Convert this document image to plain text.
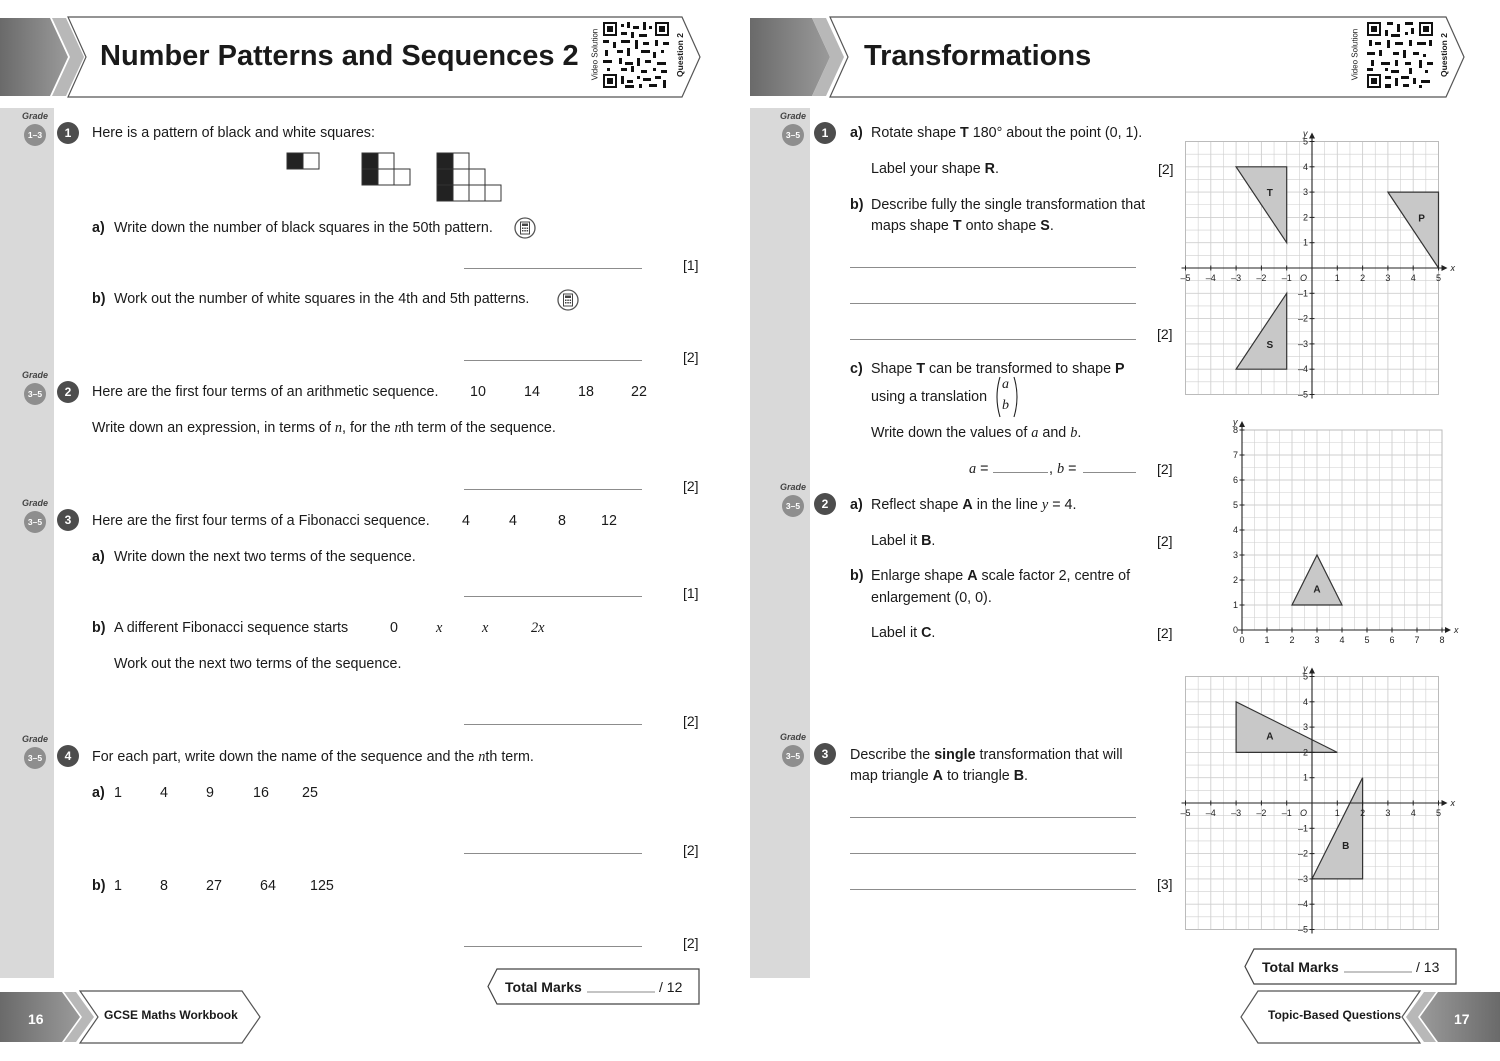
Number Patterns and Sequences 2 Video Solution	Question 2
Grade
1–3	1	Here is a pattern of black and white squares:
a) Write down the number of black squares in the 50th pattern.
[1]
b) Work out the number of white squares in the 4th and 5th patterns.
[2]
Grade
3–5	2	Here are the first four terms of an arithmetic sequence. 10	14	18	22
Write down an expression, in terms of n, for the nth term of the sequence.
[2]
Grade
3–5	3	Here are the first four terms of a Fibonacci sequence. 4	4	8 12
a) Write down the next two terms of the sequence.
[1]
b) A different Fibonacci sequence starts	0	x	x	2x
Work out the next two terms of the sequence.
[2]
Grade
3–5	4	For each part, write down the name of the sequence and the nth term.
a) 1	4	9	16 25
[2]
b) 1	8	27	64 125
[2]
Total Marks	/ 12
16	GCSE Maths Workbook
Transformations	Video Solution	Question 2
Grade
3–5	1	a) Rotate shape T 180° about the point (0, 1).
Label your shape R.	[2]
b) Describe fully the single transformation that
maps shape T onto shape S.
[2]
c) Shape T can be transformed to shape P
using a translation
a
b
Write down the values of a and b.
a =	, b =	[2]
Grade
3–5	2	a) Reflect shape A in the line y = 4.
Label it B.	[2]
b) Enlarge shape A scale factor 2, centre of
enlargement (0, 0).
Label it C.	[2]
Grade
3–5	3	Describe the single transformation that will
map triangle A to triangle B.
[3]
T
P
S
x
y
–5 –4 –3 –2 –1	1 2 3 4 5
5
4
3
2
1
–1
–2
–3
–4
–5
O
A
x
y
0 1 2 3 4 5 6 7 8
8
7
6
5
4
3
2
1
0
A
B
x
y
–5 –4 –3 –2 –1	1 2 3 4 5
5
4
3
2
1
–1
–2
–3
–4
–5
O
Total Marks	/ 13
Topic-Based Questions	17
